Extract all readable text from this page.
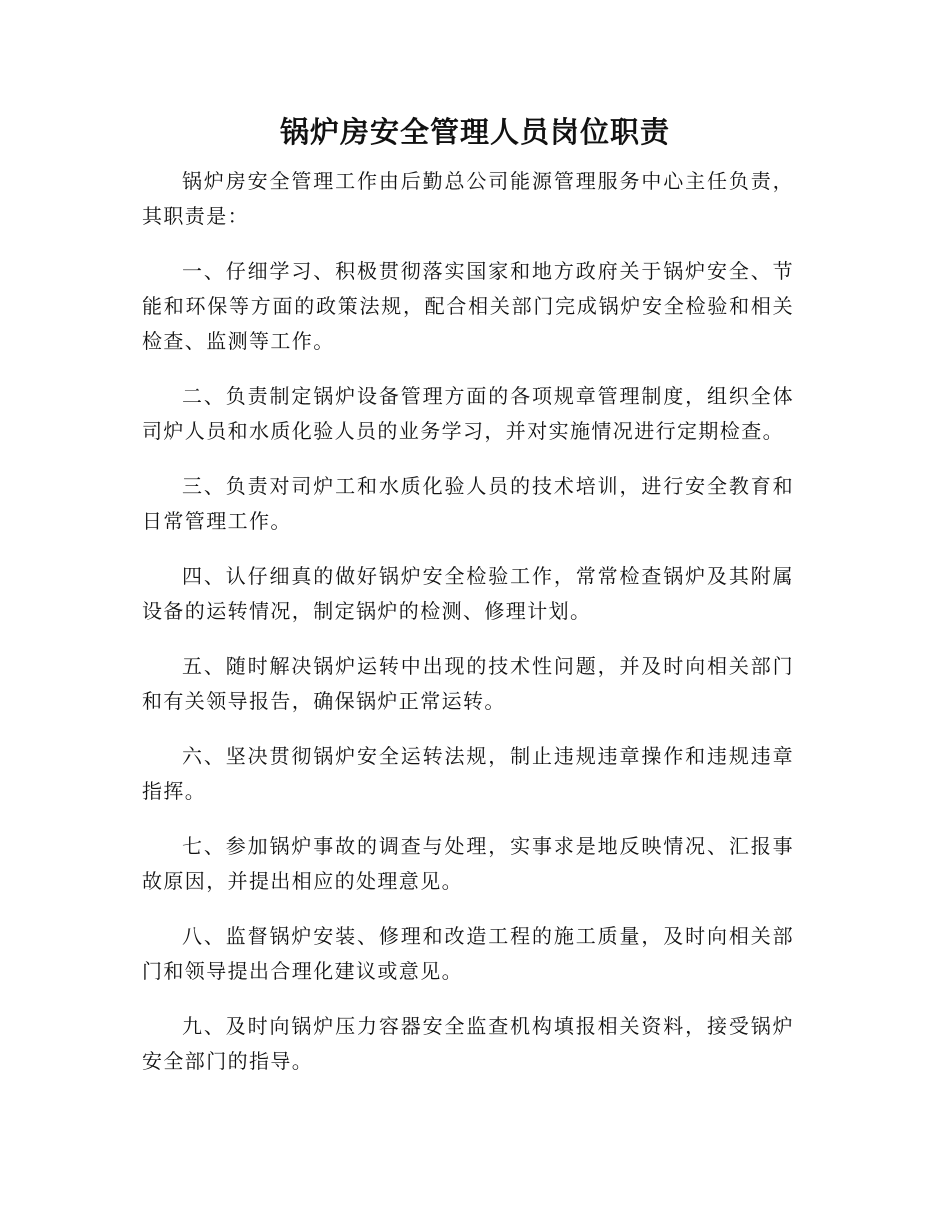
锅炉房安全管理人员岗位职责

锅炉房安全管理工作由后勤总公司能源管理服务中心主任负责，其职责是：

一、仔细学习、积极贯彻落实国家和地方政府关于锅炉安全、节能和环保等方面的政策法规，配合相关部门完成锅炉安全检验和相关检查、监测等工作。

二、负责制定锅炉设备管理方面的各项规章管理制度，组织全体司炉人员和水质化验人员的业务学习，并对实施情况进行定期检查。

三、负责对司炉工和水质化验人员的技术培训，进行安全教育和日常管理工作。

四、认仔细真的做好锅炉安全检验工作，常常检查锅炉及其附属设备的运转情况，制定锅炉的检测、修理计划。

五、随时解决锅炉运转中出现的技术性问题，并及时向相关部门和有关领导报告，确保锅炉正常运转。

六、坚决贯彻锅炉安全运转法规，制止违规违章操作和违规违章指挥。

七、参加锅炉事故的调查与处理，实事求是地反映情况、汇报事故原因，并提出相应的处理意见。

八、监督锅炉安装、修理和改造工程的施工质量，及时向相关部门和领导提出合理化建议或意见。

九、及时向锅炉压力容器安全监查机构填报相关资料，接受锅炉安全部门的指导。
